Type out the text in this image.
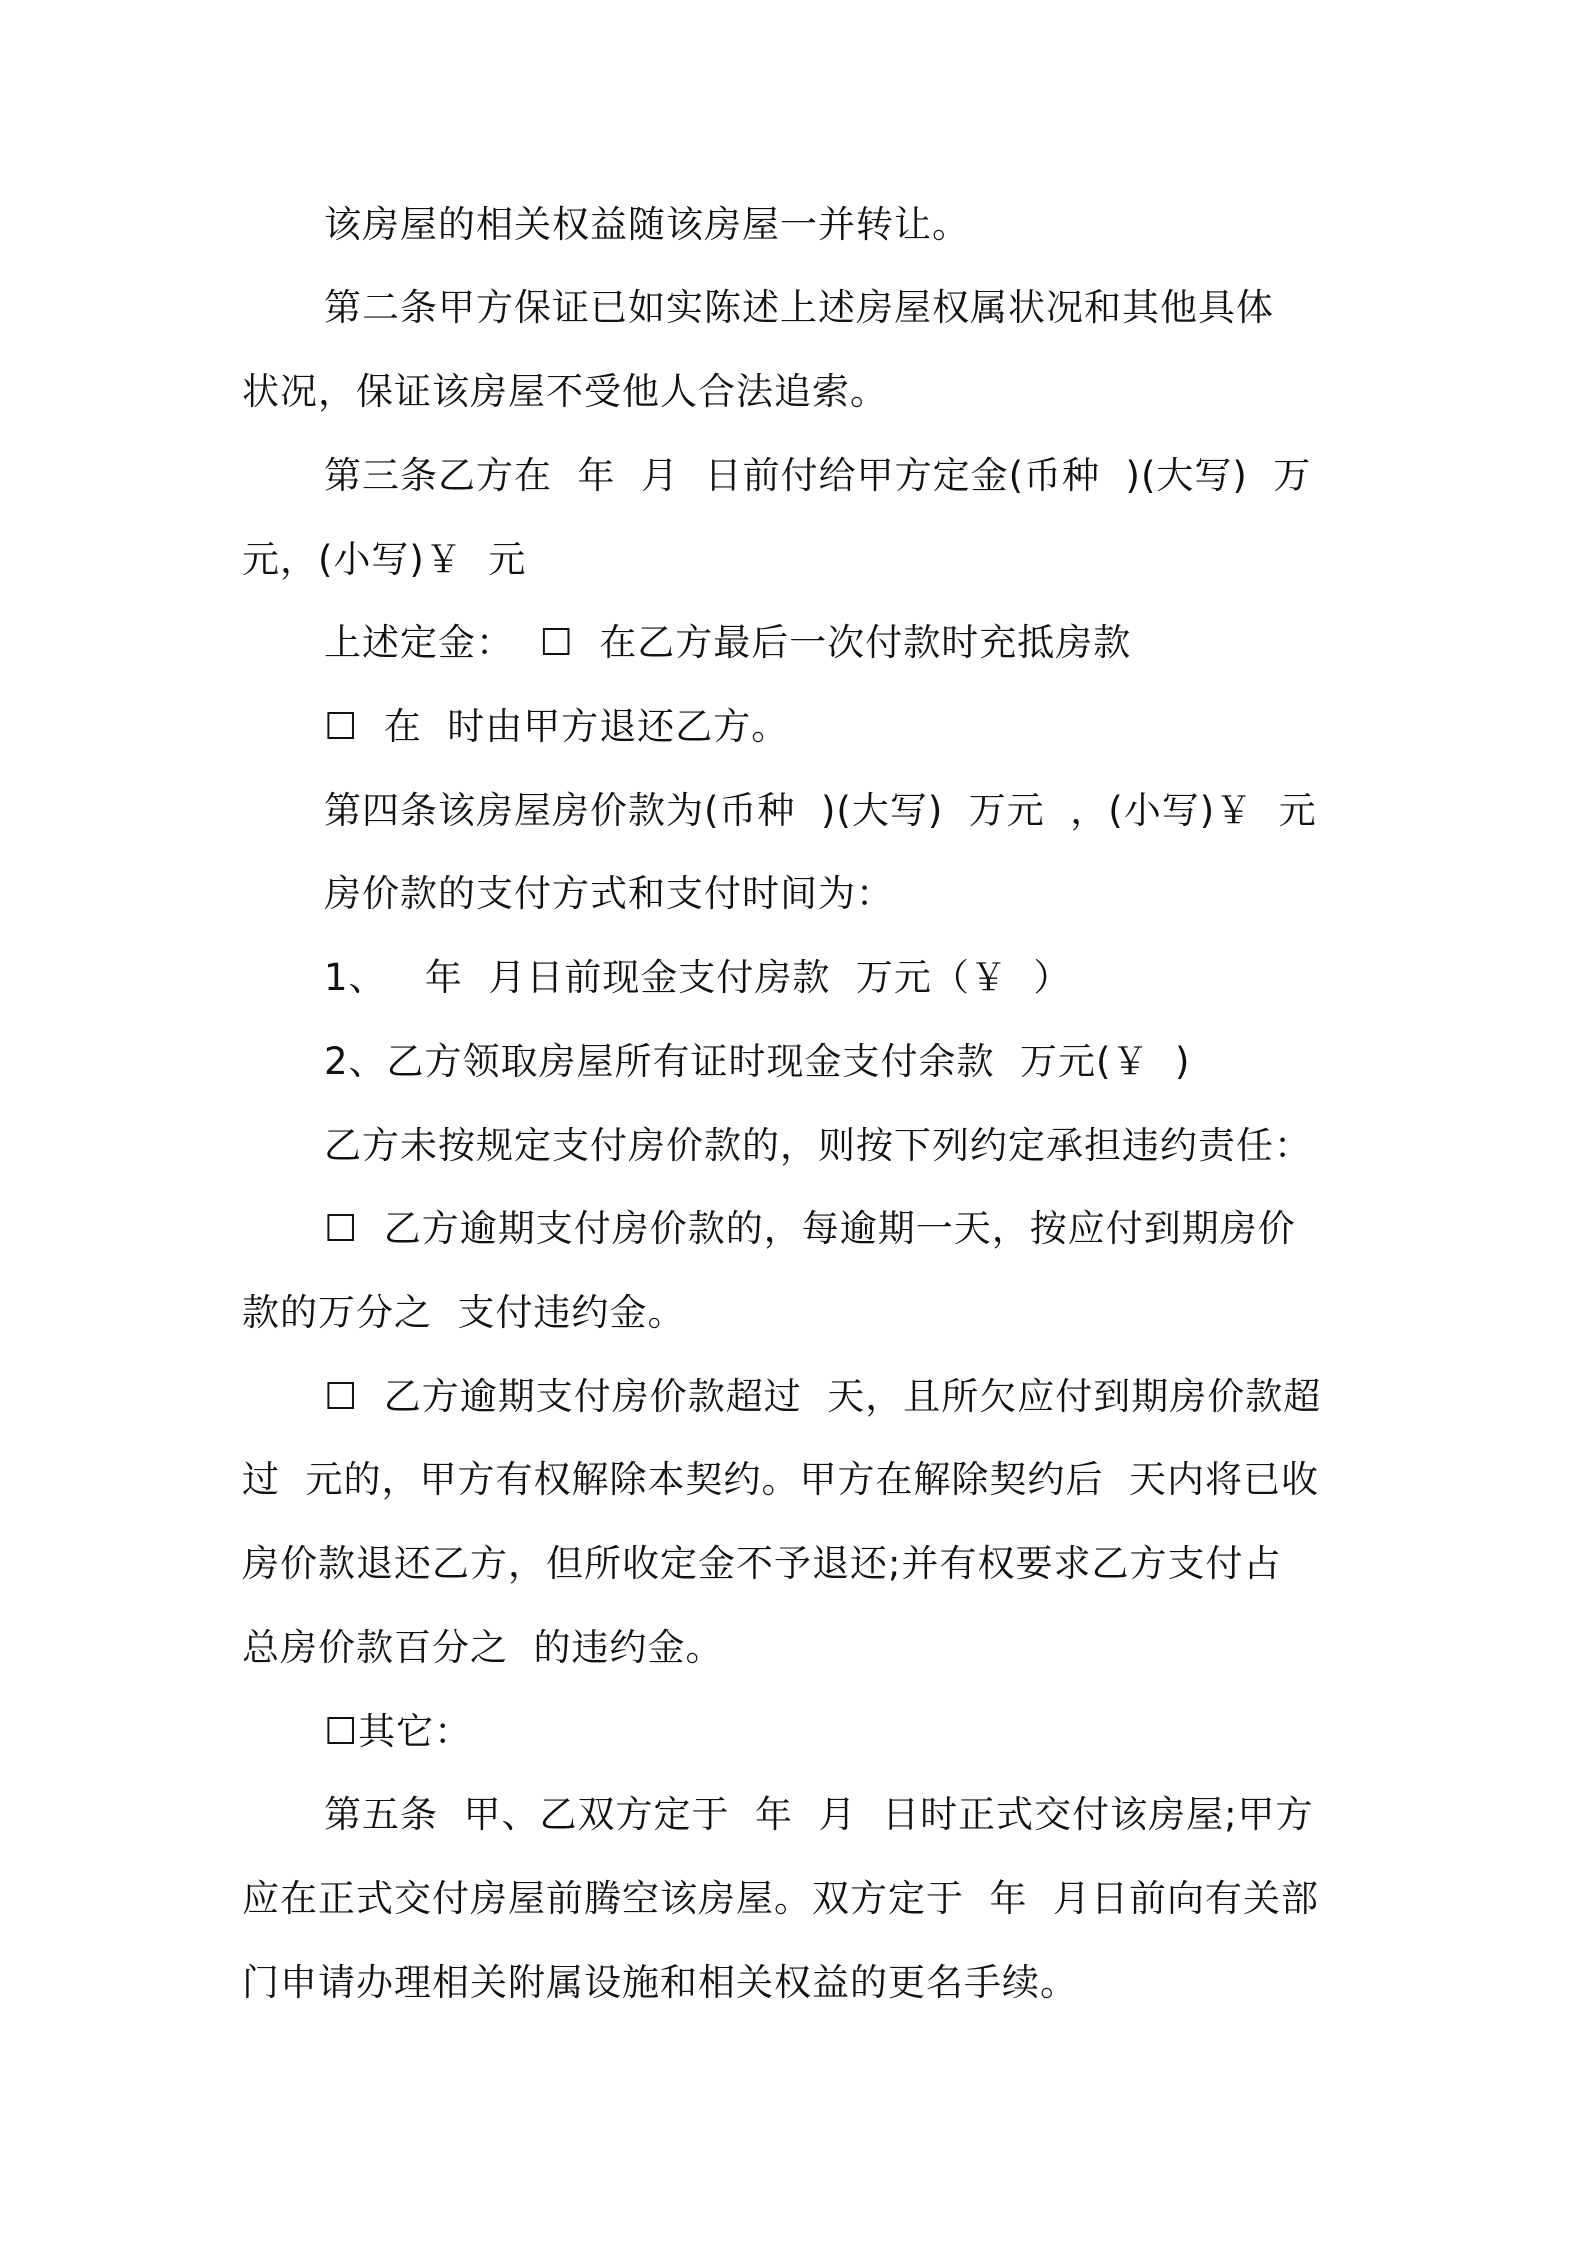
该房屋的相关权益随该房屋一并转让。
第二条甲方保证已如实陈述上述房屋权属状况和其他具体
状况，保证该房屋不受他人合法追索。
第三条乙方在  年  月  日前付给甲方定金(币种  )(大写)  万
元，(小写)￥  元
上述定金：  ☐  在乙方最后一次付款时充抵房款
☐  在  时由甲方退还乙方。
第四条该房屋房价款为(币种  )(大写)  万元  ，(小写)￥  元
房价款的支付方式和支付时间为：
1、   年  月日前现金支付房款  万元（￥  ）
2、乙方领取房屋所有证时现金支付余款  万元(￥  )
乙方未按规定支付房价款的，则按下列约定承担违约责任：
☐  乙方逾期支付房价款的，每逾期一天，按应付到期房价
款的万分之  支付违约金。
☐  乙方逾期支付房价款超过  天，且所欠应付到期房价款超
过  元的，甲方有权解除本契约。甲方在解除契约后  天内将已收
房价款退还乙方，但所收定金不予退还;并有权要求乙方支付占
总房价款百分之  的违约金。
☐其它：
第五条  甲、乙双方定于  年  月  日时正式交付该房屋;甲方
应在正式交付房屋前腾空该房屋。双方定于  年  月日前向有关部
门申请办理相关附属设施和相关权益的更名手续。
